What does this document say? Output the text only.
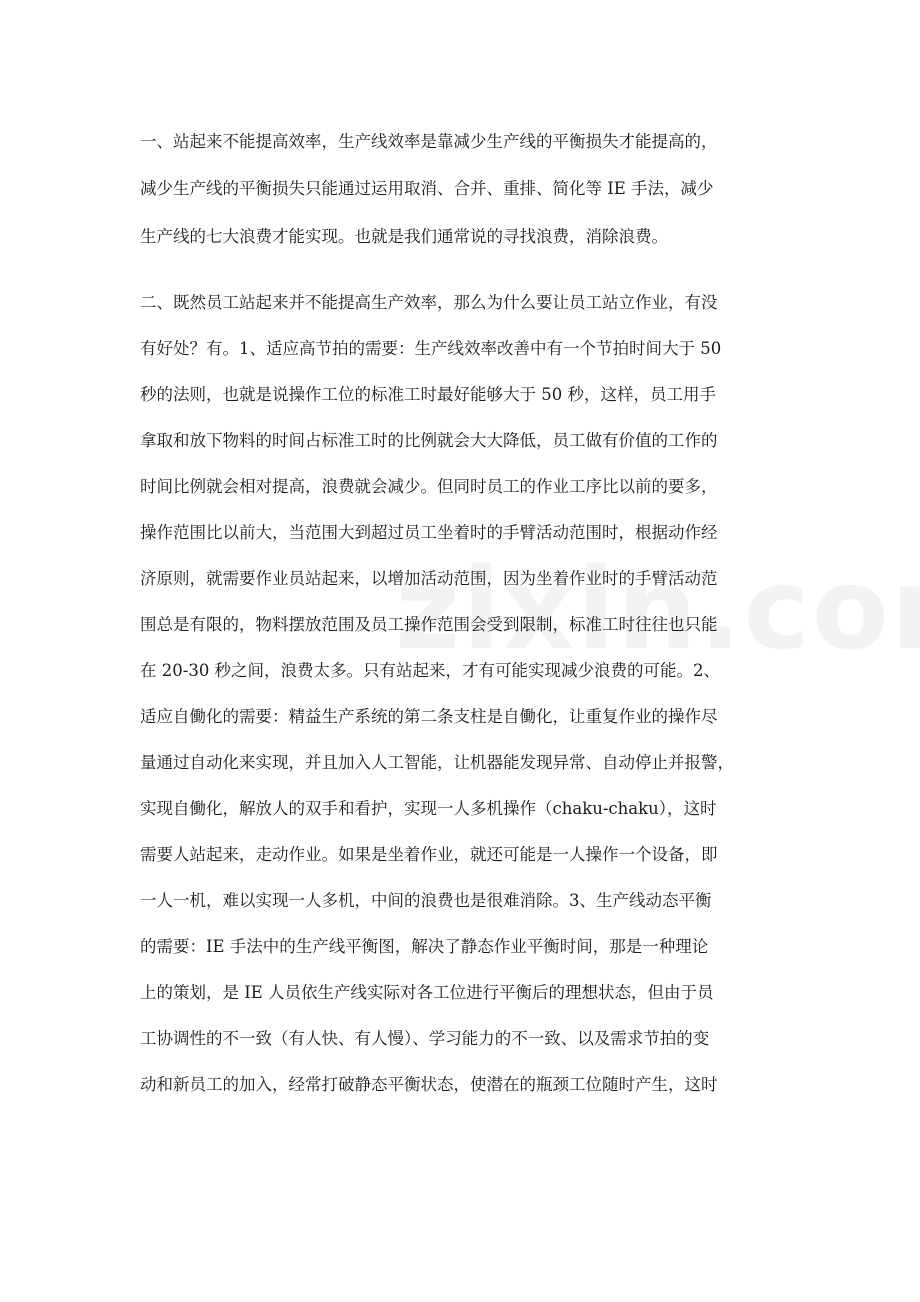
一、站起来不能提高效率，生产线效率是靠减少生产线的平衡损失才能提高的，
减少生产线的平衡损失只能通过运用取消、合并、重排、简化等 IE 手法，减少
生产线的七大浪费才能实现。也就是我们通常说的寻找浪费，消除浪费。
二、既然员工站起来并不能提高生产效率，那么为什么要让员工站立作业，有没
有好处？有。1、适应高节拍的需要：生产线效率改善中有一个节拍时间大于 50
秒的法则，也就是说操作工位的标准工时最好能够大于 50 秒，这样，员工用手
拿取和放下物料的时间占标准工时的比例就会大大降低，员工做有价值的工作的
时间比例就会相对提高，浪费就会减少。但同时员工的作业工序比以前的要多，
操作范围比以前大，当范围大到超过员工坐着时的手臂活动范围时，根据动作经
济原则，就需要作业员站起来，以增加活动范围，因为坐着作业时的手臂活动范
围总是有限的，物料摆放范围及员工操作范围会受到限制，标准工时往往也只能
在 20-30 秒之间，浪费太多。只有站起来，才有可能实现减少浪费的可能。2、
适应自働化的需要：精益生产系统的第二条支柱是自働化，让重复作业的操作尽
量通过自动化来实现，并且加入人工智能，让机器能发现异常、自动停止并报警，
实现自働化，解放人的双手和看护，实现一人多机操作（chaku-chaku），这时
需要人站起来，走动作业。如果是坐着作业，就还可能是一人操作一个设备，即
一人一机，难以实现一人多机，中间的浪费也是很难消除。3、生产线动态平衡
的需要：IE 手法中的生产线平衡图，解决了静态作业平衡时间，那是一种理论
上的策划，是 IE 人员依生产线实际对各工位进行平衡后的理想状态，但由于员
工协调性的不一致（有人快、有人慢）、学习能力的不一致、以及需求节拍的变
动和新员工的加入，经常打破静态平衡状态，使潜在的瓶颈工位随时产生，这时
